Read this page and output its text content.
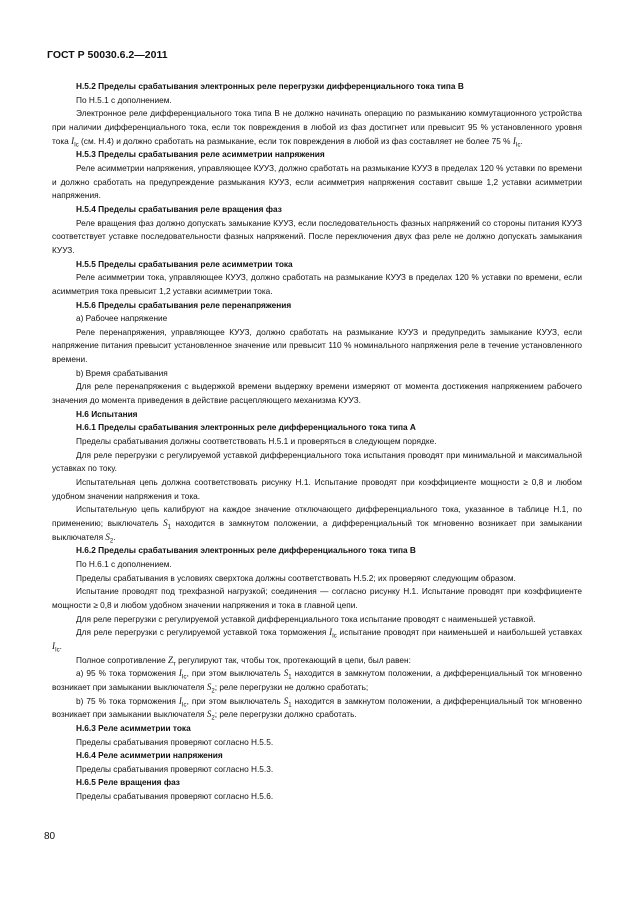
ГОСТ Р 50030.6.2—2011

Н.5.2 Пределы срабатывания электронных реле перегрузки дифференциального тока типа B

По Н.5.1 с дополнением.

Электронное реле дифференциального тока типа B не должно начинать операцию по размыканию коммутационного устройства при наличии дифференциального тока, если ток повреждения в любой из фаз достигнет или превысит 95 % установленного уровня тока $I_{Ic}$ (см. Н.4) и должно сработать на размыкание, если ток повреждения в любой из фаз составляет не более 75 % $I_{Ic}$.

Н.5.3 Пределы срабатывания реле асимметрии напряжения

Реле асимметрии напряжения, управляющее КУУЗ, должно сработать на размыкание КУУЗ в пределах 120 % уставки по времени и должно сработать на предупреждение размыкания КУУЗ, если асимметрия напряжения составит свыше 1,2 уставки асимметрии напряжения.

Н.5.4 Пределы срабатывания реле вращения фаз

Реле вращения фаз должно допускать замыкание КУУЗ, если последовательность фазных напряжений со стороны питания КУУЗ соответствует уставке последовательности фазных напряжений. После переключения двух фаз реле не должно допускать замыкания КУУЗ.

Н.5.5 Пределы срабатывания реле асимметрии тока

Реле асимметрии тока, управляющее КУУЗ, должно сработать на размыкание КУУЗ в пределах 120 % уставки по времени, если асимметрия тока превысит 1,2 уставки асимметрии тока.

Н.5.6 Пределы срабатывания реле перенапряжения

a) Рабочее напряжение

Реле перенапряжения, управляющее КУУЗ, должно сработать на размыкание КУУЗ и предупредить замыкание КУУЗ, если напряжение питания превысит установленное значение или превысит 110 % номинального напряжения реле в течение установленного времени.

b) Время срабатывания

Для реле перенапряжения с выдержкой времени выдержку времени измеряют от момента достижения напряжением рабочего значения до момента приведения в действие расцепляющего механизма КУУЗ.

Н.6 Испытания

Н.6.1 Пределы срабатывания электронных реле дифференциального тока типа A

Пределы срабатывания должны соответствовать Н.5.1 и проверяться в следующем порядке.

Для реле перегрузки с регулируемой уставкой дифференциального тока испытания проводят при минимальной и максимальной уставках по току.

Испытательная цепь должна соответствовать рисунку Н.1. Испытание проводят при коэффициенте мощности ≥ 0,8 и любом удобном значении напряжения и тока.

Испытательную цепь калибруют на каждое значение отключающего дифференциального тока, указанное в таблице Н.1, по применению; выключатель $S_1$ находится в замкнутом положении, а дифференциальный ток мгновенно возникает при замыкании выключателя $S_2$.

Н.6.2 Пределы срабатывания электронных реле дифференциального тока типа B

По Н.6.1 с дополнением.

Пределы срабатывания в условиях сверхтока должны соответствовать Н.5.2; их проверяют следующим образом.

Испытание проводят под трехфазной нагрузкой; соединения — согласно рисунку Н.1. Испытание проводят при коэффициенте мощности ≥ 0,8 и любом удобном значении напряжения и тока в главной цепи.

Для реле перегрузки с регулируемой уставкой дифференциального тока испытание проводят с наименьшей уставкой.

Для реле перегрузки с регулируемой уставкой тока торможения $I_{Ic}$ испытание проводят при наименьшей и наибольшей уставках $I_{Ic}$.

Полное сопротивление $Z_т$ регулируют так, чтобы ток, протекающий в цепи, был равен:

a) 95 % тока торможения $I_{Ic}$, при этом выключатель $S_1$ находится в замкнутом положении, а дифференциальный ток мгновенно возникает при замыкании выключателя $S_2$; реле перегрузки не должно сработать;

b) 75 % тока торможения $I_{Ic}$, при этом выключатель $S_1$ находится в замкнутом положении, а дифференциальный ток мгновенно возникает при замыкании выключателя $S_2$; реле перегрузки должно сработать.

Н.6.3 Реле асимметрии тока

Пределы срабатывания проверяют согласно Н.5.5.

Н.6.4 Реле асимметрии напряжения

Пределы срабатывания проверяют согласно Н.5.3.

Н.6.5 Реле вращения фаз

Пределы срабатывания проверяют согласно Н.5.6.

80
